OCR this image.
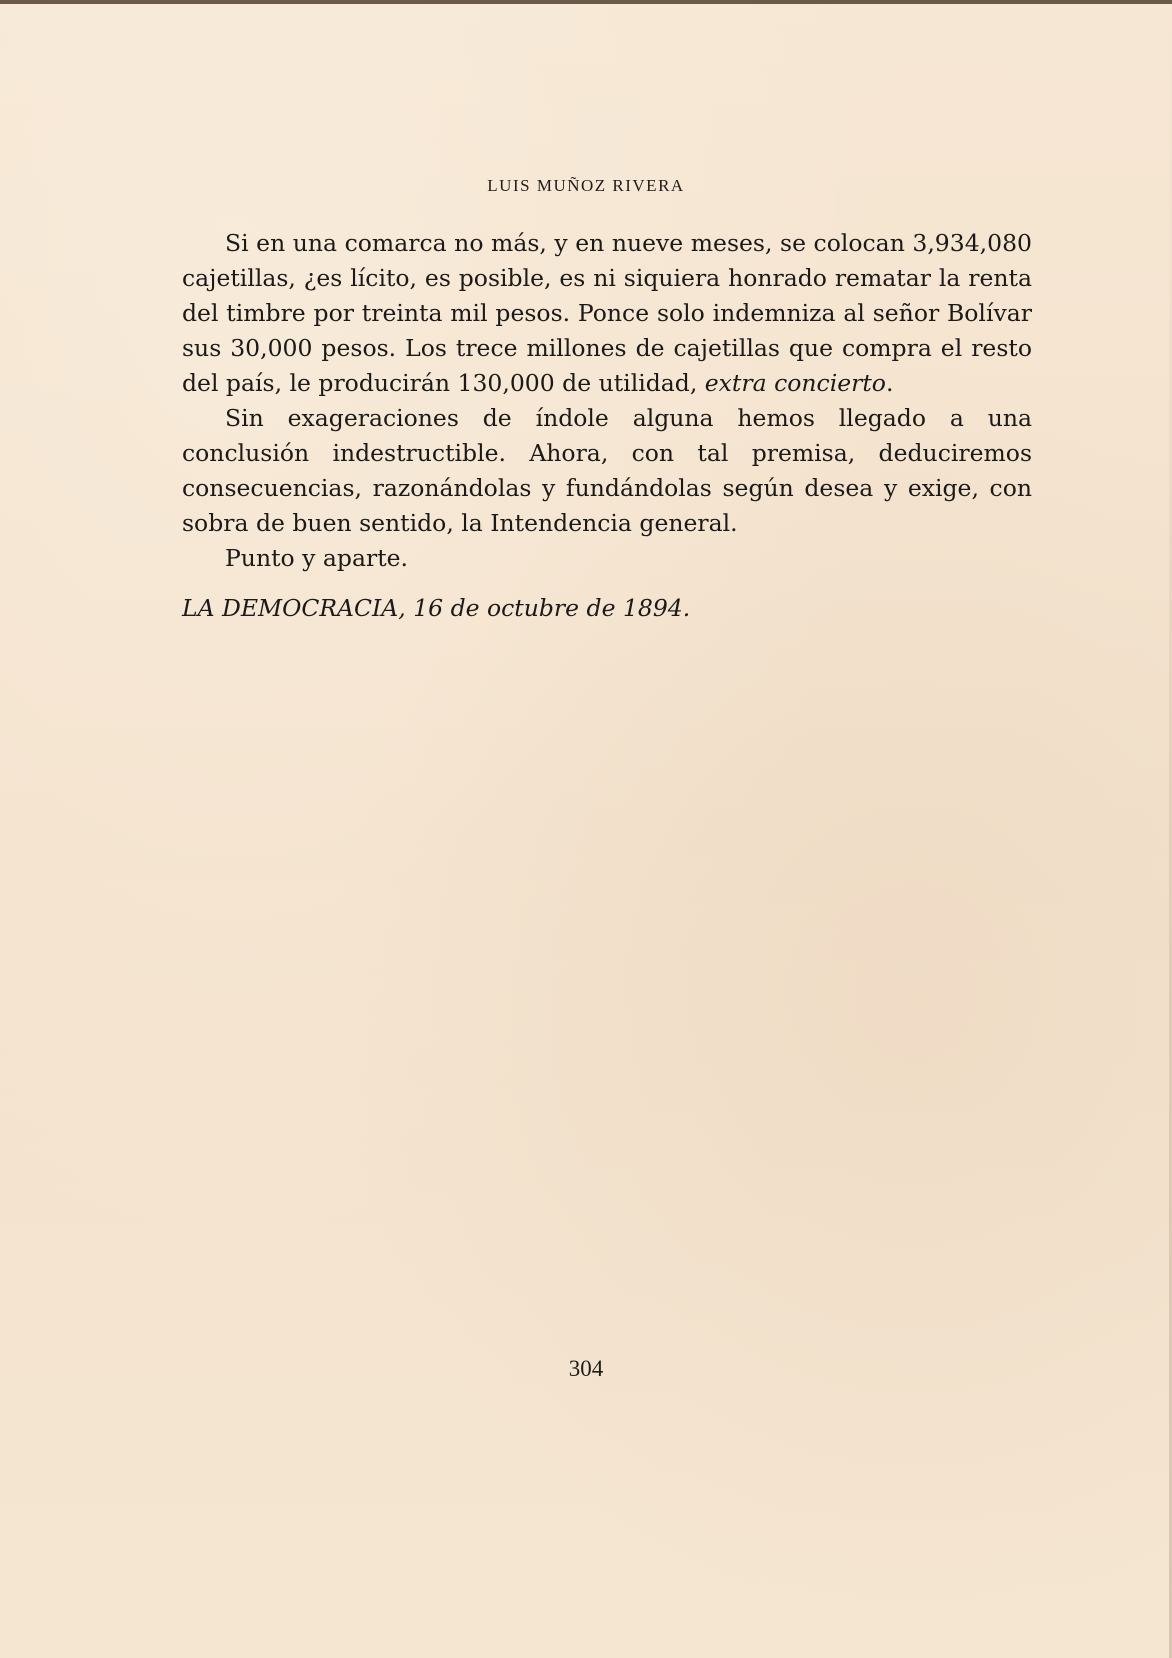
LUIS MUÑOZ RIVERA

Si en una comarca no más, y en nueve meses, se colocan 3,934,080 cajetillas, ¿es lícito, es posible, es ni siquiera honrado rematar la renta del timbre por treinta mil pesos. Ponce solo indemniza al señor Bolívar sus 30,000 pesos. Los trece millones de cajetillas que compra el resto del país, le producirán 130,000 de utilidad, extra concierto.

Sin exageraciones de índole alguna hemos llegado a una conclusión indestructible. Ahora, con tal premisa, deduciremos consecuencias, razonándolas y fundándolas según desea y exige, con sobra de buen sentido, la Intendencia general.

Punto y aparte.

LA DEMOCRACIA, 16 de octubre de 1894.
304
